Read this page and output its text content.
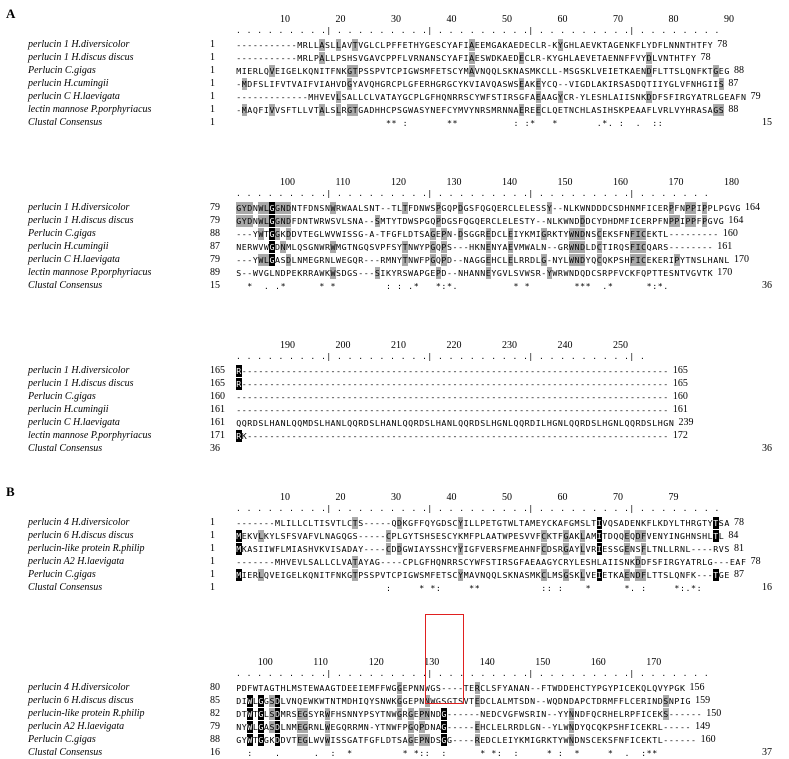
A
B
10	20	30	40	50	60	70	80	90
. . . . . . . . .| . . . . . . . . .| . . . . . . . . .| . . . . . . . . .| . . . . . . . .
perlucin 1 H.diversicolor	1	-----------MRLLASLLAVTVGLCLPFFETHYGESCYAFIAEEMGAKAEDECLR-KYGHLAEVKTAGENKFLYDFLNNNTHTFY 78
perlucin 1 H.discus discus	1	-----------MRLPALLPSHSVGAVCPPFLVRNANSCYAFIAESWDKAEDECLR-KYGHLAEVETAENNFFVYDLVNTHTFY 78
Perlucin C.gigas	1	MIERLQVEIGELKQNITFNKGTPSSPVTCPIGWSMFETSCYMAVNQQLSKNASMKCLL-MSGSKLVEIETKAENDFLTTSLQNFKTGEG 88
perlucin H.cumingii	1	-MDFSLIFVTVAIFVIAHVDGYAVQHGRCPLGFERHGRGCYKVIAVQASWSEAKEYCQ--VIGDLAKIRSASDQTIIYGLVFNHGIIS 87
perlucin C H.laevigata	1	-------------MHVEVLSALLCLVATAYGCPLGFHQNRRSCYWFSTIRSGFAEAAGYCR-YLESHLAIISNKDDFSFIRGYATRLGEAFN 79
lectin mannose P.porphyriacus	1	-MAQFIVVSFTLLVTALSLRGTGADHHCPSGWASYNEFCYMVYNRSMRNNAEREECLQETNCHLASIHSKPEAAFLVRLVYHRASAGS 88
Clustal Consensus	1	** :	**	: :* *	.*. : . ::	15
100	110	120	130	140	150	160	170	180
. . . . . . . . .| . . . . . . . . .| . . . . . . . . .| . . . . . . . . .| . . . . . . .
perlucin 1 H.diversicolor	79 GYDNWLGGNDNTFDNSNWRWAALSNT--TLTFDNWSPGQPDGSFQGQERCLELESSY--NLKWNDDDCSDHNMFICERPFNPPIPPLPGVG 164
perlucin 1 H.discus discus	79 GYDNWLGGNDFDNTWRWSVLSNA--SMTYTDWSPGQPDGSFQGQERCLELESTY--NLKWNDDDCYDHDMFICERPFNPPIPPFPGVG 164
Perlucin C.gigas	88 ---YWTGGKDDVTEGLWVWISSG-A-TFGFLDTSAGEPN-DSGGREDCLEIYKMIGRKTYWNDNSCEKSFNFICEKTL--------- 160
perlucin H.cumingii	87 NERWVWGDNMLQSGNWRWMGTNGQSVPFSYTNWYPGQPS---HKNENYAEVMWALN--GRWNDLDCTIRQSFICQARS-------- 161
perlucin C H.laevigata	79 ---YWLGASDLNMEGRNLWEGQR---RMNYTNWFPGQPD--NAGGEHCLELRRDLG-NYLWNDYQCQKPSHFICEKERIPYTNSLHANL 170
lectin mannose P.porphyriacus	89 S--WVGLNDPEKRRAWKWSDGS---SIKYRSWAPGEPD--NHANNEYGVLSVWSR-YWRWNDQDCSRPFVCKFQPTTESNTVGVTK 170
Clustal Consensus	15	* . .*	* *	: : .* *:*.	* *	*** .*	*:*.	36
190	200	210	220	230	240	250
. . . . . . . . .| . . . . . . . . .| . . . . . . . . .| . . . . . . . . .| .
perlucin 1 H.diversicolor	165 R----------------------------------------------------------------------------- 165
perlucin 1 H.discus discus	165 R----------------------------------------------------------------------------- 165
Perlucin C.gigas	160 ------------------------------------------------------------------------------ 160
perlucin H.cumingii	161 ------------------------------------------------------------------------------ 161
perlucin C H.laevigata	161 QQRDSLHANLQQMDSLHANLQQRDSLHANLQQRDSLHANLQQRDSLHGNLQQRDILHGNLQQRDSLHGNLQQRDSLHGN 239
lectin mannose P.porphyriacus	171 RK---------------------------------------------------------------------------- 172
Clustal Consensus	36
	36
10	20	30	40	50	60	70	79
. . . . . . . . .| . . . . . . . . .| . . . . . . . . .| . . . . . . . . .| . . . . . . . .
perlucin 4 H.diversicolor	1	-------MLILLCLTISVTLCTS-----QDKGFFQYGDSCYILLPETGTWLTAMEYCKAFGMSLTIVQSADENKFLKDYLTHRGTYTSA 78
perlucin 6 H.discus discus	1	MEKVLKYLSFSVAFVLNAGQGS-----CPLGYTSHSESCYKMFPLAATWPESVVFCKTFGAKLAMITDQQEQDFVENYINGHNSHLTL 84
perlucin-like protein R.philip	1	MKASIIWFLMIASHVKVISADAY----CDDGWIAYSSHCYYIGFVERSFMEAHNFCDSRGAYLVRIESSGENSFLTNLLRNL----RVS 81
perlucin A2 H.laevigata	1	-------MHVEVLSALLCLVATAYAG----CPLGFHQNRRSCYWFSTIRSGFAEAAGYCRYLESHLAIISNKDDFSFIRGYATRLG---EAF 78
Perlucin C.gigas	1	MIERLQVEIGELKQNITFNKGTPSSPVTCPIGWSMFETSCYMAVNQQLSKNASMKCLMSGSKLVEIETKAENDFLTTSLQNFK---TGE 87
Clustal Consensus	1	:	* *:	**	:: :	*	*. :	*:.*:	16
100	110	120	130	140	150	160	170
. . . . . . . . .| . . . . . . . . .| . . . . . . . . .| . . . . . . . . .| . . . . . . .
perlucin 4 H.diversicolor	80 PDFWTAGTHLMSTEWAAGTDEEIEMFFWGGEPNNWGS----TERCLSFYANAN--FTWDDEHCTYPGYPICEKQLQVYPGK 156
perlucin 6 H.discus discus	85 DIWLGGSDLVNQEWKWTNTMDHIQYSNWKGGEPNNWGSGTSVTEDCLALMTSDN--WQDNDAPCTDRMFFLCERINDSNPIG 159
perlucin-like protein R.philip	82 DTWTGLSDMRSEGSYRWFHSNNYPSYTNWGRGEPNNDG------NEDCVGFWSRIN--YYNNDFQCRHELRPFICEKS------ 150
perlucin A2 H.laevigata	79 NYWLGASDLNMEGRNLWEGQRRMN-YTNWFPGQPDNAG-----EHCLELRRDLGN--YLWNDYQCQKPSHFICEKRL----- 149
Perlucin C.gigas	88 GYWTGGKDDVTEGLWVWISSGATFGFLDTSAGEPNDSGG----REDCLEIYKMIGRKTYWNDNSCEKSFNFICEKTL------ 160
Clustal Consensus	16	:	.	. : *	* *:: :	* *: :	* : *	* . :**	37
